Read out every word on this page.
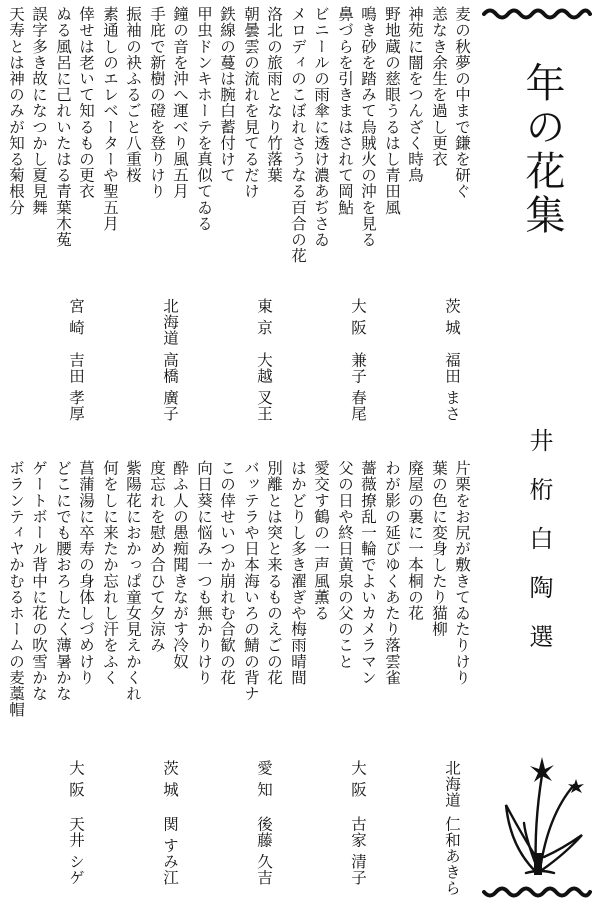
年の花集
井桁白陶選
麦の秋夢の中まで鎌を研ぐ
恙なき余生を過し更衣
神苑に闇をつんざく時鳥
野地蔵の慈眼うるはし青田風
鳴き砂を踏みて烏賊火の沖を見る
鼻づらを引きまはされて岡鮎
ビニールの雨傘に透け濃あぢさゐ
メロディのこぼれさうなる百合の花
洛北の旅雨となり竹落葉
朝曇雲の流れを見てるだけ
鉄線の蔓は腕白蓄付けて
甲虫ドンキホーテを真似てゐる
鐘の音を沖へ運べり風五月
手庇で新樹の磴を登りけり
振袖の袂ふるごと八重桜
素通しのエレベーターや聖五月
倖せは老いて知るもの更衣
ぬる風呂に己れいたはる青葉木菟
誤字多き故になつかし夏見舞
天寿とは神のみが知る菊根分
茨 城
福田 まさ
大 阪
兼子 春尾
東 京
大越 叉王
北海道
高橋 廣子
宮 崎
吉田 孝厚
片栗をお尻が敷きてゐたりけり
葉の色に変身したり猫柳
廃屋の裏に一本桐の花
わが影の延びゆくあたり落雲雀
薔薇撩乱一輪でよいカメラマン
父の日や終日黄泉の父のこと
愛交す鶴の一声風薫る
はかどりし多き濯ぎや梅雨晴間
別離とは突と来るものえごの花
バッテラや日本海いろの鯖の背ナ
この倖せいつか崩れむ合歓の花
向日葵に悩み一つも無かりけり
酔ふ人の愚痴聞きながす冷奴
度忘れを慰め合ひて夕涼み
紫陽花におかっぱ童女見えかくれ
何をしに来たか忘れし汗をふく
菖蒲湯に卒寿の身体しづめけり
どこにでも腰おろしたく薄暑かな
ゲートボール背中に花の吹雪かな
ボランティヤかむるホームの麦藁帽
北海道
仁和あきら
大 阪
古家 清子
愛 知
後藤 久吉
茨 城
関 すみ江
大 阪
天井 シゲ
